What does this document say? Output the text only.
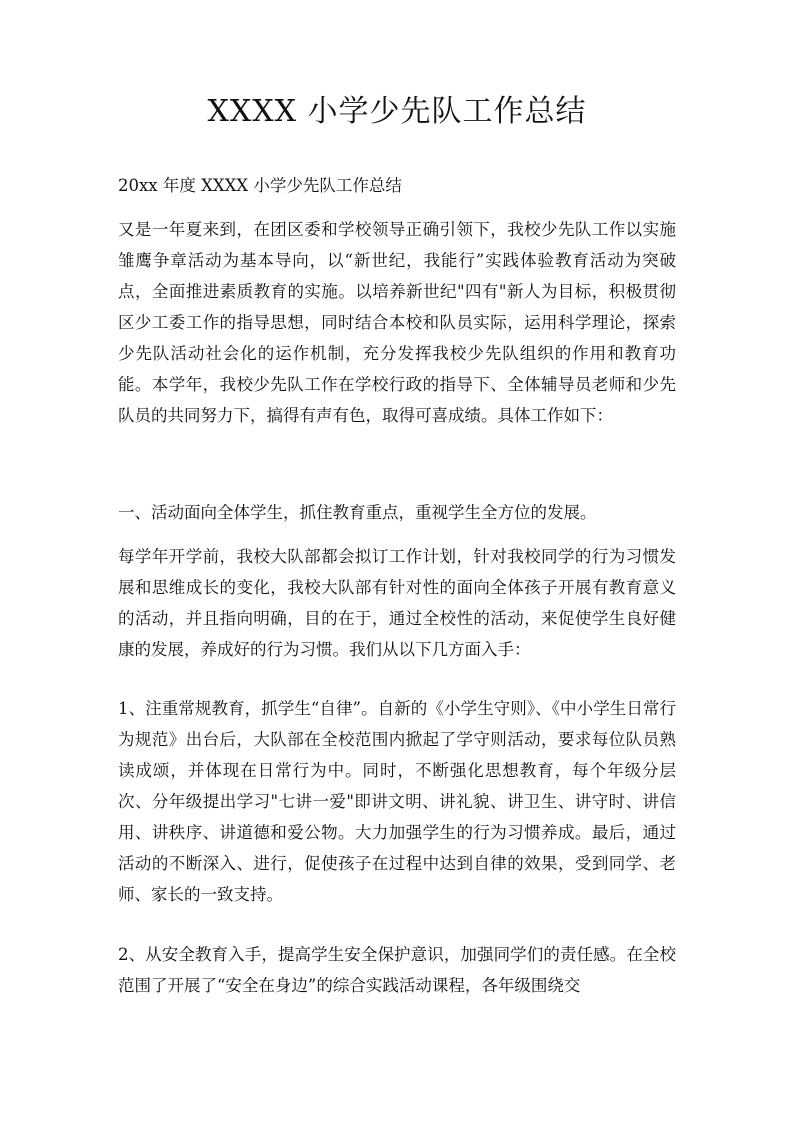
XXXX 小学少先队工作总结

20xx 年度 XXXX 小学少先队工作总结

又是一年夏来到，在团区委和学校领导正确引领下，我校少先队工作以实施雏鹰争章活动为基本导向，以“新世纪，我能行”实践体验教育活动为突破点，全面推进素质教育的实施。以培养新世纪"四有"新人为目标，积极贯彻区少工委工作的指导思想，同时结合本校和队员实际，运用科学理论，探索少先队活动社会化的运作机制，充分发挥我校少先队组织的作用和教育功能。本学年，我校少先队工作在学校行政的指导下、全体辅导员老师和少先队员的共同努力下，搞得有声有色，取得可喜成绩。具体工作如下：

一、活动面向全体学生，抓住教育重点，重视学生全方位的发展。

每学年开学前，我校大队部都会拟订工作计划，针对我校同学的行为习惯发展和思维成长的变化，我校大队部有针对性的面向全体孩子开展有教育意义的活动，并且指向明确，目的在于，通过全校性的活动，来促使学生良好健康的发展，养成好的行为习惯。我们从以下几方面入手：

1、注重常规教育，抓学生“自律”。自新的《小学生守则》、《中小学生日常行为规范》出台后，大队部在全校范围内掀起了学守则活动，要求每位队员熟读成颂，并体现在日常行为中。同时，不断强化思想教育，每个年级分层次、分年级提出学习"七讲一爱"即讲文明、讲礼貌、讲卫生、讲守时、讲信用、讲秩序、讲道德和爱公物。大力加强学生的行为习惯养成。最后，通过活动的不断深入、进行，促使孩子在过程中达到自律的效果，受到同学、老师、家长的一致支持。

2、从安全教育入手，提高学生安全保护意识，加强同学们的责任感。在全校范围了开展了“安全在身边”的综合实践活动课程，各年级围绕交
